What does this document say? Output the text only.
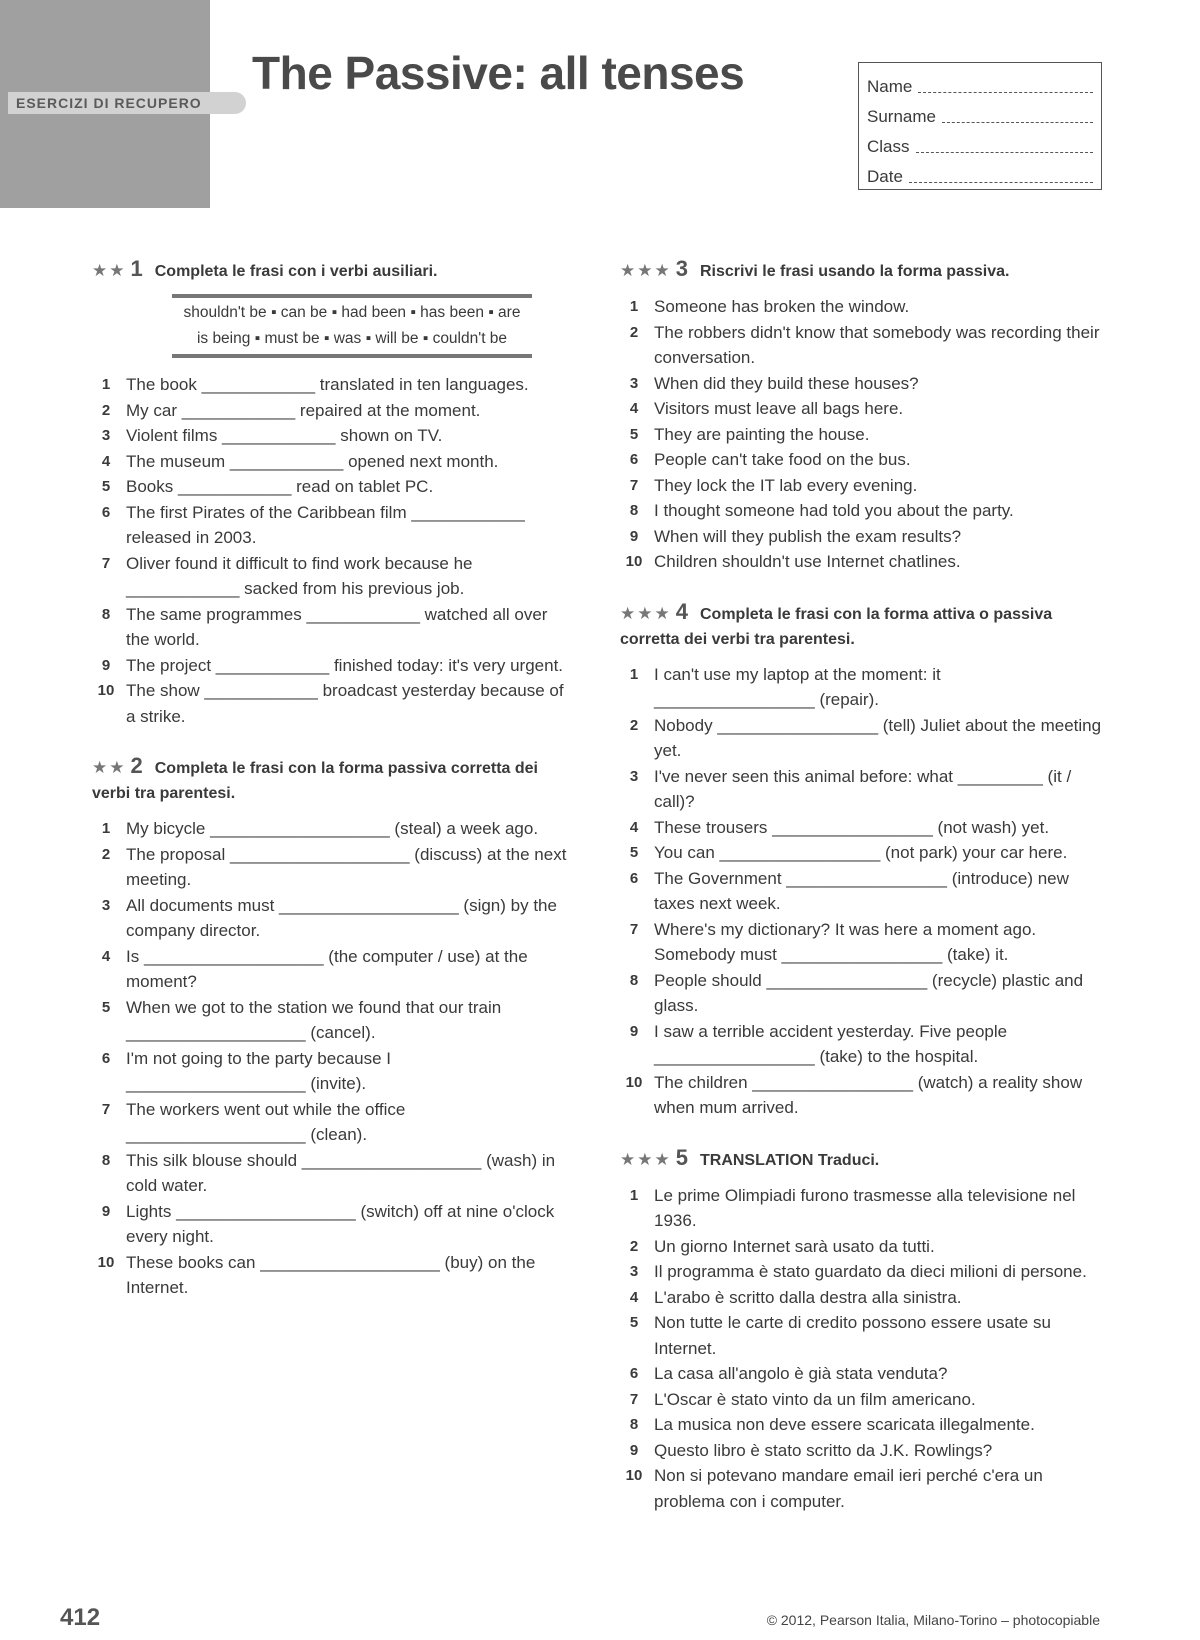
ESERCIZI DI RECUPERO
The Passive: all tenses	Name
Surname
Class
Date
★★ 1 Completa le frasi con i verbi ausiliari.
shouldn't be ▪ can be ▪ had been ▪ has been ▪ are
is being ▪ must be ▪ was ▪ will be ▪ couldn't be
1 The book ____________ translated in ten languages.
2 My car ____________ repaired at the moment.
3 Violent films ____________ shown on TV.
4 The museum ____________ opened next month.
5 Books ____________ read on tablet PC.
6 The first Pirates of the Caribbean film ____________ released in 2003.
7 Oliver found it difficult to find work because he ____________ sacked from his previous job.
8 The same programmes ____________ watched all over the world.
9 The project ____________ finished today: it's very urgent.
10 The show ____________ broadcast yesterday because of a strike.
★★ 2 Completa le frasi con la forma passiva corretta dei verbi tra parentesi.
1 My bicycle ___________________ (steal) a week ago.
2 The proposal ___________________ (discuss) at the next meeting.
3 All documents must ___________________ (sign) by the company director.
4 Is ___________________ (the computer / use) at the moment?
5 When we got to the station we found that our train ___________________ (cancel).
6 I'm not going to the party because I ___________________ (invite).
7 The workers went out while the office ___________________ (clean).
8 This silk blouse should ___________________ (wash) in cold water.
9 Lights ___________________ (switch) off at nine o'clock every night.
10 These books can ___________________ (buy) on the Internet.
★★★ 3 Riscrivi le frasi usando la forma passiva.
1 Someone has broken the window.
2 The robbers didn't know that somebody was recording their conversation.
3 When did they build these houses?
4 Visitors must leave all bags here.
5 They are painting the house.
6 People can't take food on the bus.
7 They lock the IT lab every evening.
8 I thought someone had told you about the party.
9 When will they publish the exam results?
10 Children shouldn't use Internet chatlines.
★★★ 4 Completa le frasi con la forma attiva o passiva corretta dei verbi tra parentesi.
1 I can't use my laptop at the moment: it _________________ (repair).
2 Nobody _________________ (tell) Juliet about the meeting yet.
3 I've never seen this animal before: what _________ (it / call)?
4 These trousers _________________ (not wash) yet.
5 You can _________________ (not park) your car here.
6 The Government _________________ (introduce) new taxes next week.
7 Where's my dictionary? It was here a moment ago. Somebody must _________________ (take) it.
8 People should _________________ (recycle) plastic and glass.
9 I saw a terrible accident yesterday. Five people _________________ (take) to the hospital.
10 The children _________________ (watch) a reality show when mum arrived.
★★★ 5 TRANSLATION Traduci.
1 Le prime Olimpiadi furono trasmesse alla televisione nel 1936.
2 Un giorno Internet sarà usato da tutti.
3 Il programma è stato guardato da dieci milioni di persone.
4 L'arabo è scritto dalla destra alla sinistra.
5 Non tutte le carte di credito possono essere usate su Internet.
6 La casa all'angolo è già stata venduta?
7 L'Oscar è stato vinto da un film americano.
8 La musica non deve essere scaricata illegalmente.
9 Questo libro è stato scritto da J.K. Rowlings?
10 Non si potevano mandare email ieri perché c'era un problema con i computer.
412	© 2012, Pearson Italia, Milano-Torino – photocopiable
